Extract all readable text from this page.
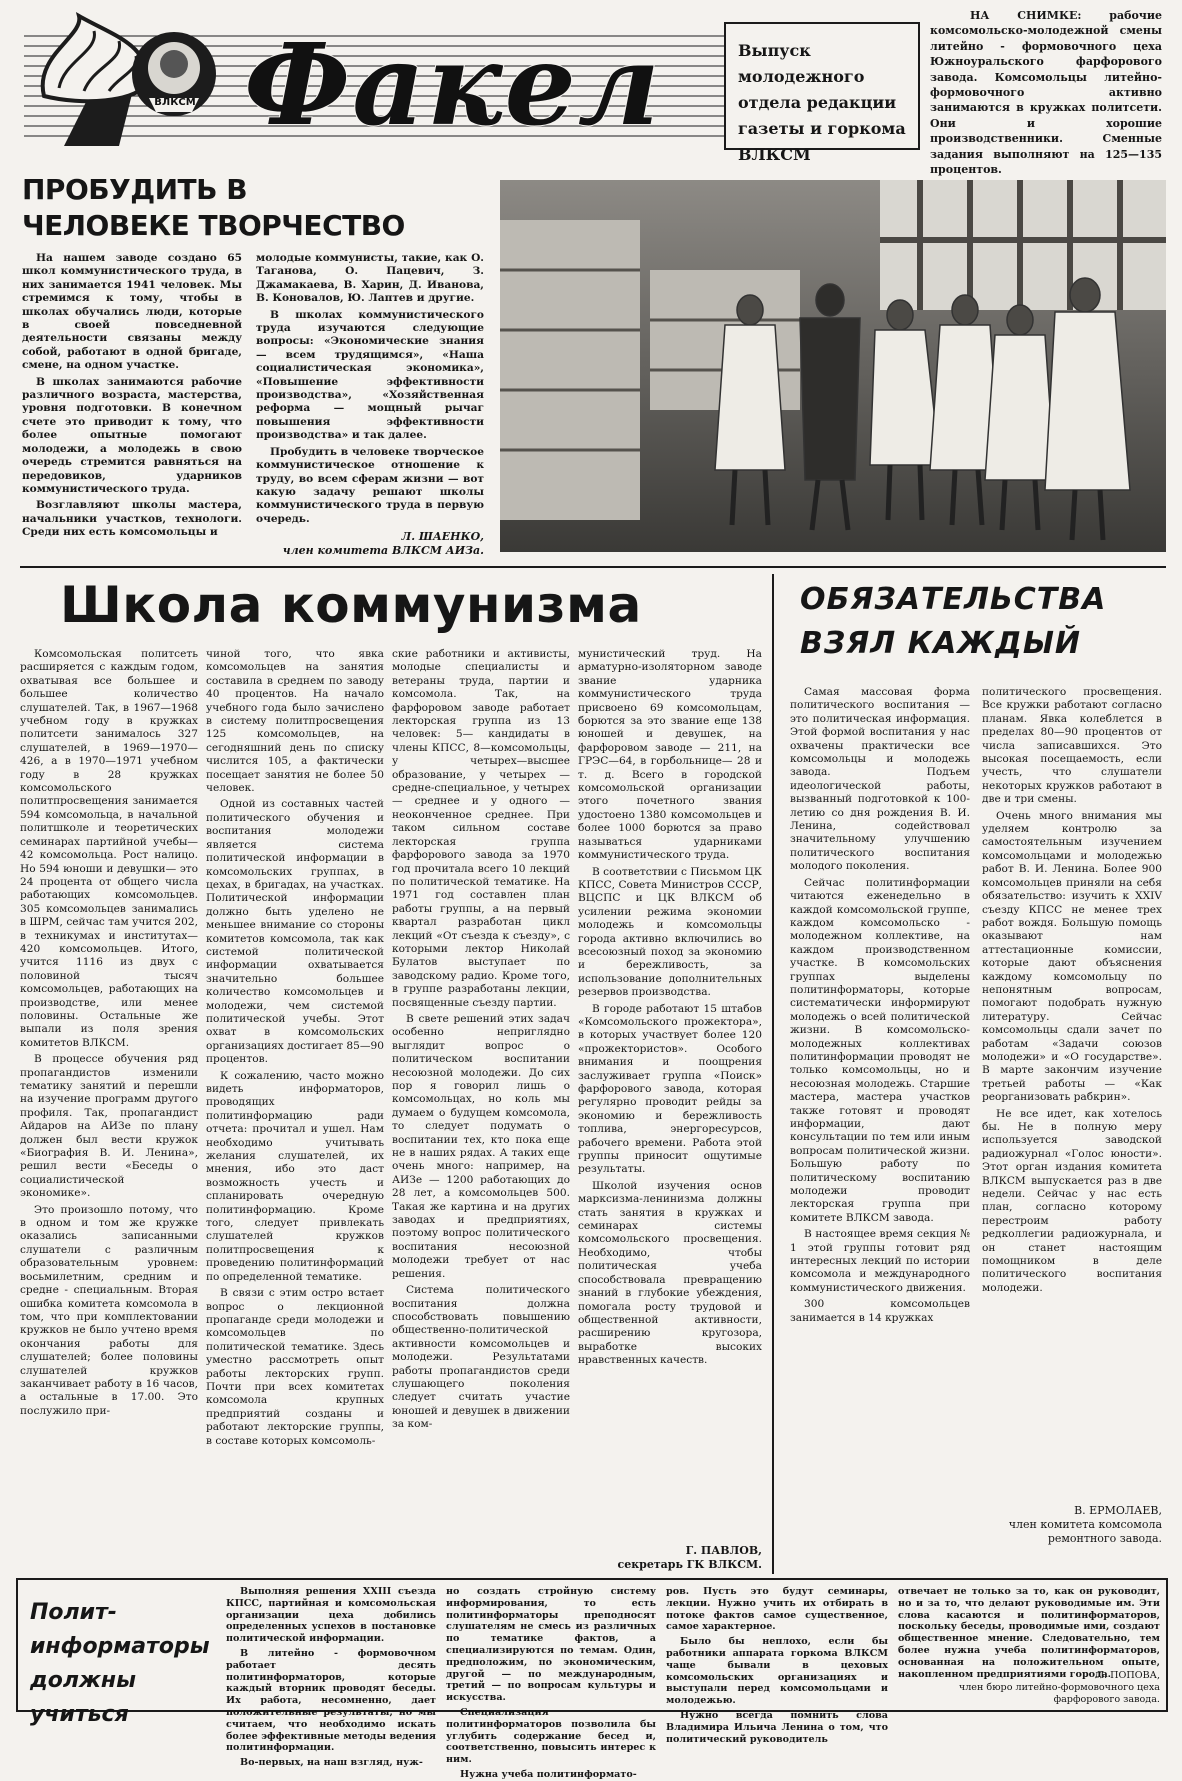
ВЛКСМ Факел	Выпуск молодежного отдела редакции газеты и горкома ВЛКСМ
НА СНИМКЕ:	рабочие комсомольско-молодежной смены литейно - формовочного цеха Южноуральского фарфорового завода. Комсомольцы литейно-формовочного активно занимаются в кружках политсети. Они и хорошие производственники. Сменные задания выполняют на 125—135 процентов.
ПРОБУДИТЬ В ЧЕЛОВЕКЕ ТВОРЧЕСТВО

На нашем заводе создано 65 школ коммунистического труда, в них занимается 1941 человек. Мы стремимся к тому, чтобы в школах обучались люди, которые в своей повседневной деятельности связаны между собой, работают в одной бригаде, смене, на одном участке.

В школах занимаются рабочие различного возраста, мастерства, уровня подготовки. В конечном счете это приводит к тому, что более опытные помогают молодежи, а молодежь в свою очередь стремится равняться на передовиков, ударников коммунистического труда.

Возглавляют школы мастера, начальники участков, технологи. Среди них есть комсомольцы и

молодые коммунисты, такие, как О. Таганова, О. Пацевич, З. Джамакаева, В. Харин, Д. Иванова, В. Коновалов, Ю. Лаптев и другие.

В школах коммунистического труда изучаются следующие вопросы: «Экономические знания — всем трудящимся», «Наша социалистическая экономика», «Повышение эффективности производства», «Хозяйственная реформа — мощный рычаг повышения эффективности производства» и так далее.

Пробудить в человеке творческое коммунистическое отношение к труду, во всем сферам жизни — вот какую задачу решают школы коммунистического труда в первую очередь.

Л. ШАЕНКО,
член комитета ВЛКСМ АИЗа.
Школа коммунизма

Комсомольская политсеть расширяется с каждым годом, охватывая все большее и большее количество слушателей. Так, в 1967—1968 учебном году в кружках политсети занималось 327 слушателей, в 1969—1970—426, а в 1970—1971 учебном году в 28 кружках комсомольского политпросвещения занимается 594 комсомольца, в начальной политшколе и теоретических семинарах партийной учебы— 42 комсомольца. Рост налицо. Но 594 юноши и девушки— это 24 процента от общего числа работающих комсомольцев. 305 комсомольцев занимались в ШРМ, сейчас там учится 202, в техникумах и институтах— 420 комсомольцев. Итого, учится 1116 из двух с половиной тысяч комсомольцев, работающих на производстве, или менее половины. Остальные же выпали из поля зрения комитетов ВЛКСМ.

В процессе обучения ряд пропагандистов изменили тематику занятий и перешли на изучение программ другого профиля. Так, пропагандист Айдаров на АИЗе по плану должен был вести кружок «Биография В. И. Ленина», решил вести «Беседы о социалистической экономике».

Это произошло потому, что в одном и том же кружке оказались записанными слушатели с различным образовательным уровнем: восьмилетним, средним и средне - специальным. Вторая ошибка комитета комсомола в том, что при комплектовании кружков не было учтено время окончания работы для слушателей; более половины слушателей кружков заканчивает работу в 16 часов, а остальные в 17.00. Это послужило при-

чиной того, что явка комсомольцев на занятия составила в среднем по заводу 40 процентов. На начало учебного года было зачислено в систему политпросвещения 125 комсомольцев, на сегодняшний день по списку числится 105, а фактически посещает занятия не более 50 человек.

Одной из составных частей политического обучения и воспитания молодежи является система политической информации в комсомольских группах, в цехах, в бригадах, на участках. Политической информации должно быть уделено не меньшее внимание со стороны комитетов комсомола, так как системой политической информации охватывается значительно большее количество комсомольцев и молодежи, чем системой политической учебы. Этот охват в комсомольских организациях достигает 85—90 процентов.

К сожалению, часто можно видеть информаторов, проводящих политинформацию ради отчета: прочитал и ушел. Нам необходимо учитывать желания слушателей, их мнения, ибо это даст возможность учесть и спланировать очередную политинформацию. Кроме того, следует привлекать слушателей кружков политпросвещения к проведению политинформаций по определенной тематике.

В связи с этим остро встает вопрос о лекционной пропаганде среди молодежи и комсомольцев по политической тематике. Здесь уместно рассмотреть опыт работы лекторских групп. Почти при всех комитетах комсомола крупных предприятий созданы и работают лекторские группы, в составе которых комсомоль-

ские работники и активисты, молодые специалисты и ветераны труда, партии и комсомола. Так, на фарфоровом заводе работает лекторская группа из 13 человек: 5— кандидаты в члены КПСС, 8—комсомольцы, у четырех—высшее образование, у четырех — средне-специальное, у четырех — среднее и у одного — неоконченное среднее. При таком сильном составе лекторская группа фарфорового завода за 1970 год прочитала всего 10 лекций по политической тематике. На 1971 год составлен план работы группы, а на первый квартал разработан цикл лекций «От съезда к съезду», с которыми лектор Николай Булатов выступает по заводскому радио. Кроме того, в группе разработаны лекции, посвященные съезду партии.

В свете решений этих задач особенно неприглядно выглядит вопрос о политическом воспитании несоюзной молодежи. До сих пор я говорил лишь о комсомольцах, но коль мы думаем о будущем комсомола, то следует подумать о воспитании тех, кто пока еще не в наших рядах. А таких еще очень много: например, на АИЗе — 1200 работающих до 28 лет, а комсомольцев 500. Такая же картина и на других заводах и предприятиях, поэтому вопрос политического воспитания несоюзной молодежи требует от нас решения.

Система политического воспитания должна способствовать повышению общественно-политической активности комсомольцев и молодежи. Результатами работы пропагандистов среди слушающего поколения следует считать участие юношей и девушек в движении за ком-

мунистический труд. На арматурно-изоляторном заводе звание ударника коммунистического труда присвоено 69 комсомольцам, борются за это звание еще 138 юношей и девушек, на фарфоровом заводе — 211, на ГРЭС—64, в горбольнице— 28 и т. д. Всего в городской комсомольской организации этого почетного звания удостоено 1380 комсомольцев и более 1000 борются за право называться ударниками коммунистического труда.

В соответствии с Письмом ЦК КПСС, Совета Министров СССР, ВЦСПС и ЦК ВЛКСМ об усилении режима экономии молодежь и комсомольцы города активно включились во всесоюзный поход за экономию и бережливость, за использование дополнительных резервов производства.

В городе работают 15 штабов «Комсомольского прожектора», в которых участвует более 120 «прожектористов». Особого внимания и поощрения заслуживает группа «Поиск» фарфорового завода, которая регулярно проводит рейды за экономию и бережливость топлива, энергоресурсов, рабочего времени. Работа этой группы приносит ощутимые результаты.

Школой изучения основ марксизма-ленинизма должны стать занятия в кружках и семинарах системы комсомольского просвещения. Необходимо, чтобы политическая учеба способствовала превращению знаний в глубокие убеждения, помогала росту трудовой и общественной активности, расширению кругозора, выработке высоких нравственных качеств.

Г. ПАВЛОВ,
секретарь ГК ВЛКСМ.
ОБЯЗАТЕЛЬСТВА
ВЗЯЛ КАЖДЫЙ

Самая массовая форма политического воспитания — это политическая информация. Этой формой воспитания у нас охвачены практически все комсомольцы и молодежь завода. Подъем идеологической работы, вызванный подготовкой к 100-летию со дня рождения В. И. Ленина, содействовал значительному улучшению политического воспитания молодого поколения.

Сейчас политинформации читаются еженедельно в каждой комсомольской группе, каждом комсомольско - молодежном коллективе, на каждом производственном участке. В комсомольских группах выделены политинформаторы, которые систематически информируют молодежь о всей политической жизни. В комсомольско-молодежных коллективах политинформации проводят не только комсомольцы, но и несоюзная молодежь. Старшие мастера, мастера участков также готовят и проводят информации, дают консультации по тем или иным вопросам политической жизни. Большую работу по политическому воспитанию молодежи проводит лекторская группа при комитете ВЛКСМ завода.

В настоящее время секция № 1 этой группы готовит ряд интересных лекций по истории комсомола и международного коммунистического движения.

300 комсомольцев занимается в 14 кружках

политического просвещения. Все кружки работают согласно планам. Явка колеблется в пределах 80—90 процентов от числа записавшихся. Это высокая посещаемость, если учесть, что слушатели некоторых кружков работают в две и три смены.

Очень много внимания мы уделяем контролю за самостоятельным изучением комсомольцами и молодежью работ В. И. Ленина. Более 900 комсомольцев приняли на себя обязательство: изучить к XXIV съезду КПСС не менее трех работ вождя. Большую помощь оказывают нам аттестационные комиссии, которые дают объяснения каждому комсомольцу по непонятным вопросам, помогают подобрать нужную литературу. Сейчас комсомольцы сдали зачет по работам «Задачи союзов молодежи» и «О государстве». В марте закончим изучение третьей работы — «Как реорганизовать рабкрин».

Не все идет, как хотелось бы. Не в полную меру используется заводской радиожурнал «Голос юности». Этот орган издания комитета ВЛКСМ выпускается раз в две недели. Сейчас у нас есть план, согласно которому перестроим работу редколлегии радиожурнала, и он станет настоящим помощником в деле политического воспитания молодежи.

В. ЕРМОЛАЕВ,
член комитета комсомола ремонтного завода.
Полит-
информаторы
должны
учиться

Выполняя решения XXIII съезда КПСС, партийная и комсомольская организации цеха добились определенных успехов в постановке политической информации.

В литейно - формовочном работает десять политинформаторов, которые каждый вторник проводят беседы. Их работа, несомненно, дает положительные результаты, но мы считаем, что необходимо искать более эффективные методы ведения политинформации.

Во-первых, на наш взгляд, нуж-

но создать стройную систему информирования, то есть политинформаторы преподносят слушателям не смесь из различных по тематике фактов, а специализируются по темам. Один, предположим, по экономическим, другой — по международным, третий — по вопросам культуры и искусства.

Специализация политинформаторов позволила бы углубить содержание бесед и, соответственно, повысить интерес к ним.

Нужна учеба политинформато-

ров. Пусть это будут семинары, лекции. Нужно учить их отбирать в потоке фактов самое существенное, самое характерное.

Было бы неплохо, если бы работники аппарата горкома ВЛКСМ чаще бывали в цеховых комсомольских организациях и выступали перед комсомольцами и молодежью.

Нужно всегда помнить слова Владимира Ильича Ленина о том, что политический руководитель

отвечает не только за то, как он руководит, но и за то, что делают руководимые им. Эти слова касаются и политинформаторов, поскольку беседы, проводимые ими, создают общественное мнение. Следовательно, тем более нужна учеба политинформаторов, основанная на положительном опыте, накопленном предприятиями города.

Л. ПОПОВА,
член бюро литейно-формовочного цеха фарфорового завода.
